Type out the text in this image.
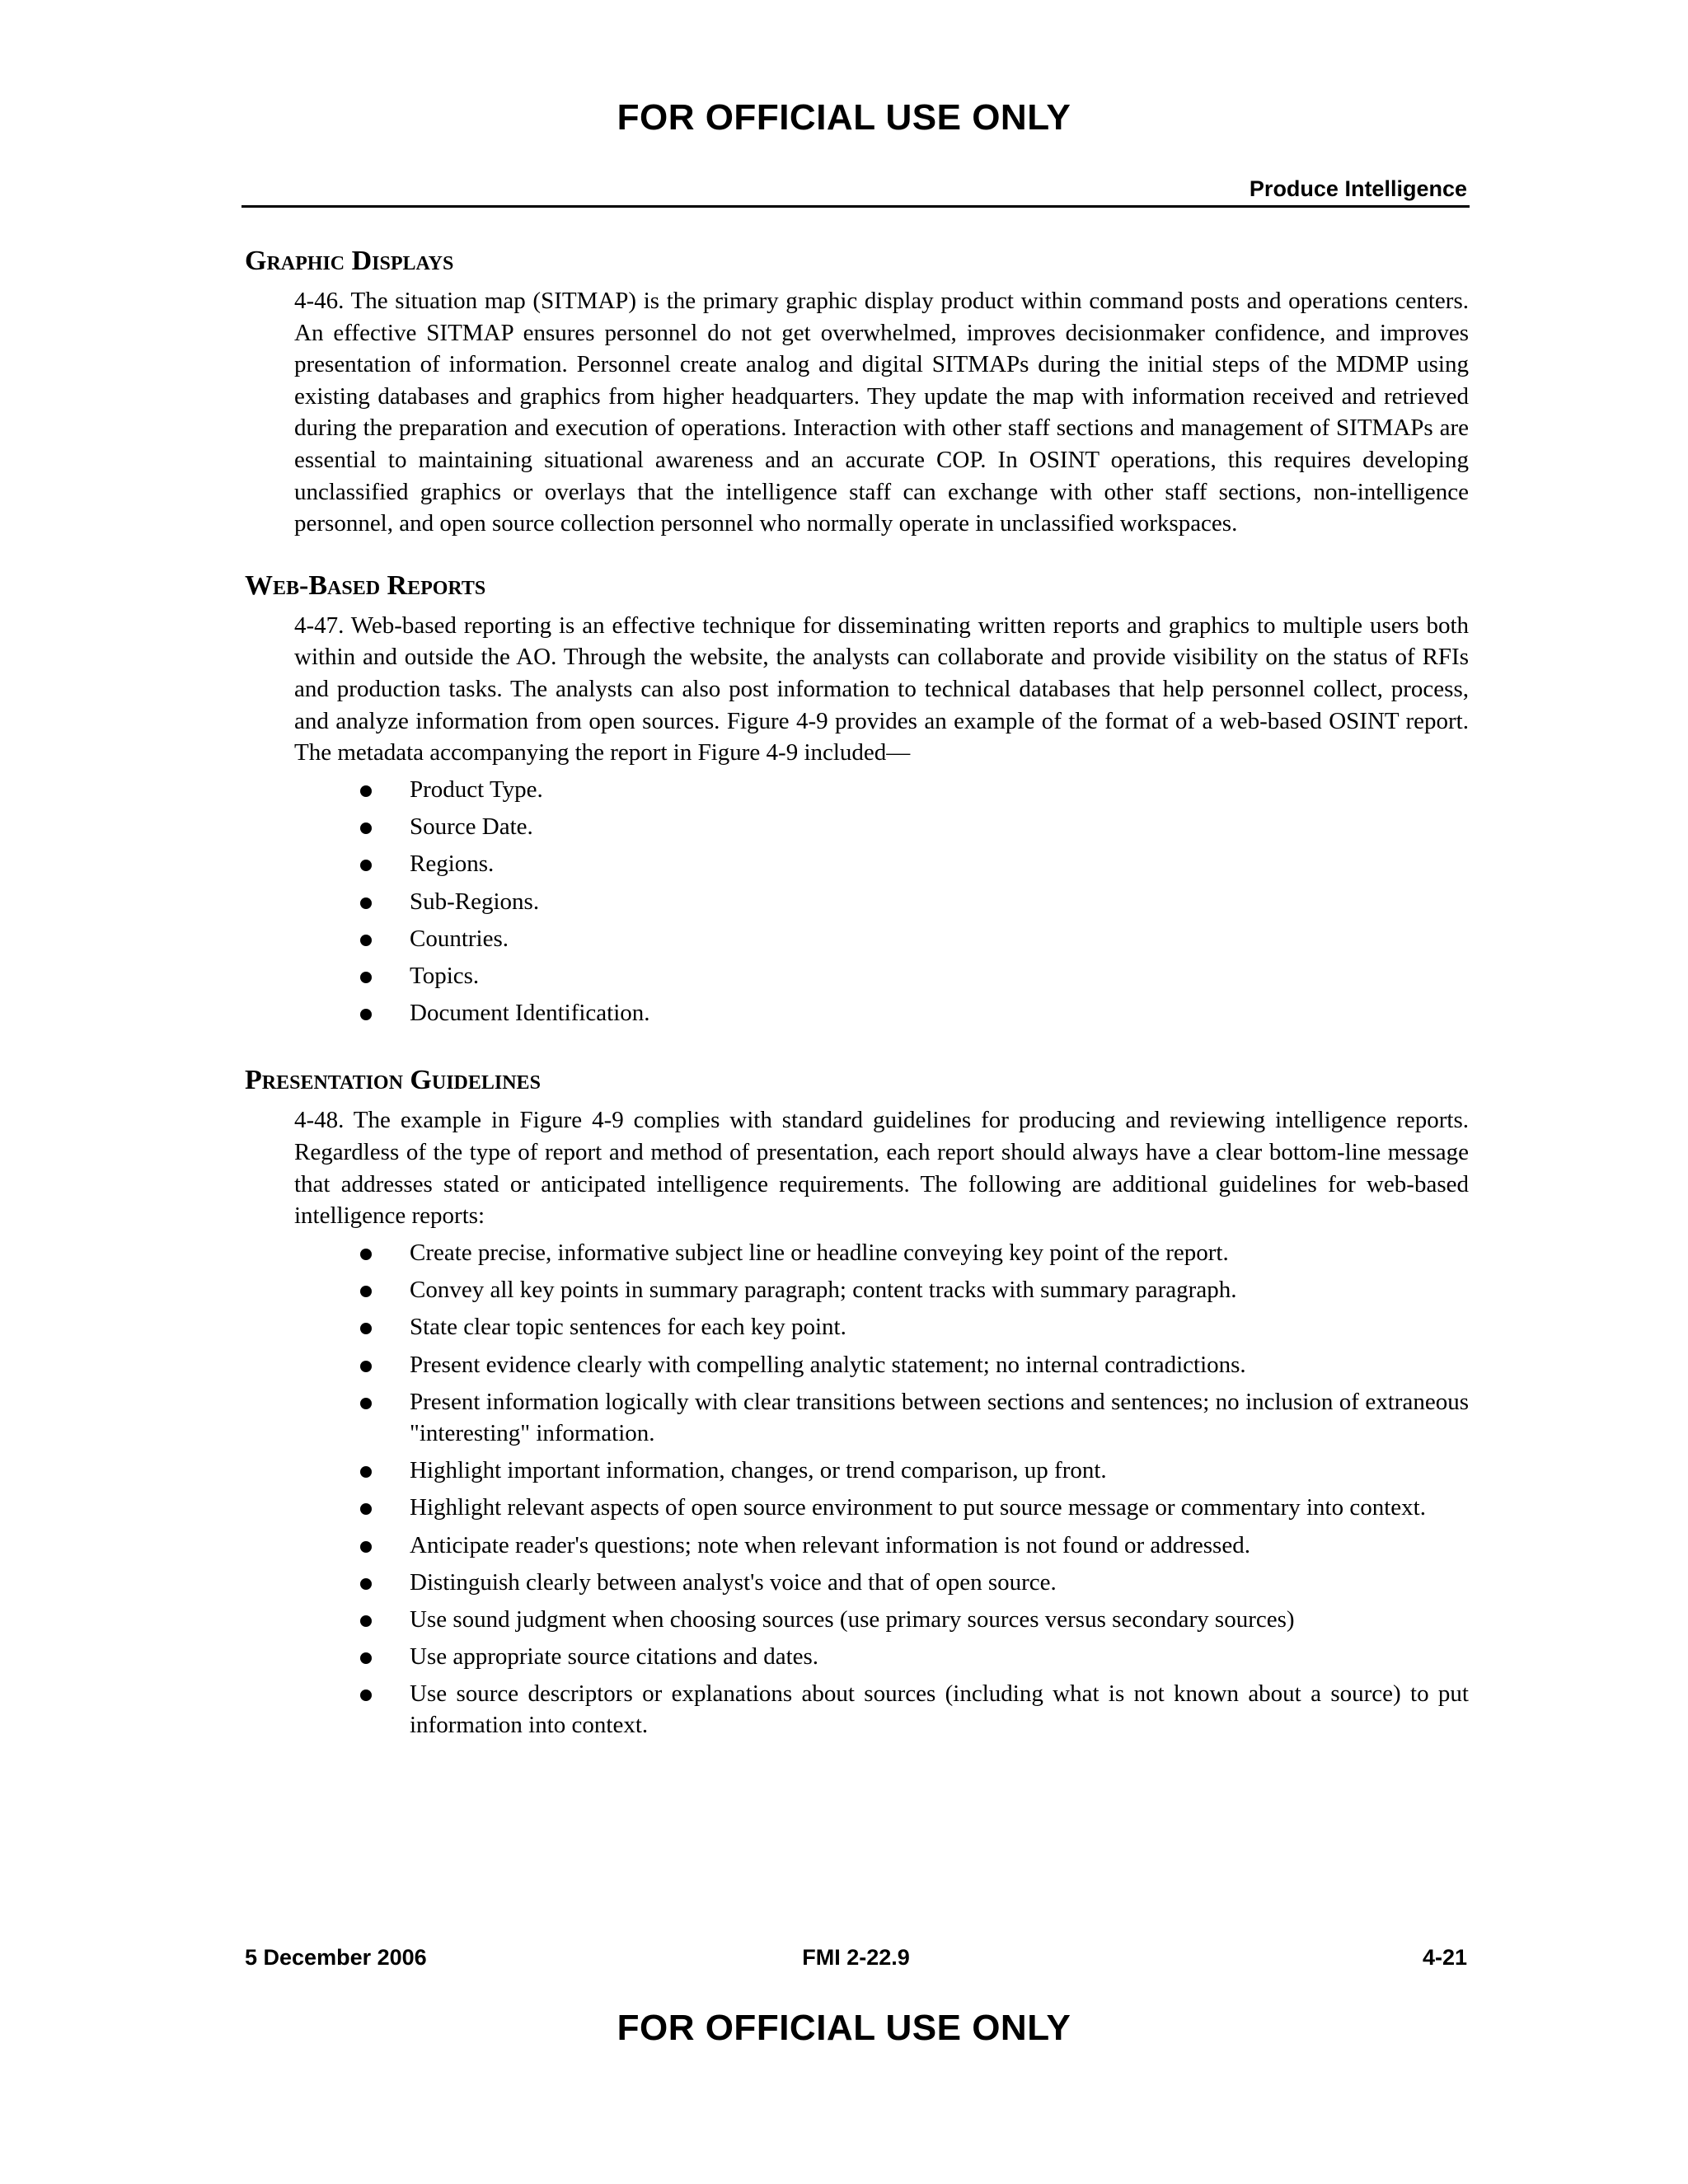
FOR OFFICIAL USE ONLY
Produce Intelligence
Graphic Displays

4-46. The situation map (SITMAP) is the primary graphic display product within command posts and operations centers. An effective SITMAP ensures personnel do not get overwhelmed, improves decisionmaker confidence, and improves presentation of information. Personnel create analog and digital SITMAPs during the initial steps of the MDMP using existing databases and graphics from higher headquarters. They update the map with information received and retrieved during the preparation and execution of operations. Interaction with other staff sections and management of SITMAPs are essential to maintaining situational awareness and an accurate COP. In OSINT operations, this requires developing unclassified graphics or overlays that the intelligence staff can exchange with other staff sections, non-intelligence personnel, and open source collection personnel who normally operate in unclassified workspaces.

Web-Based Reports

4-47. Web-based reporting is an effective technique for disseminating written reports and graphics to multiple users both within and outside the AO. Through the website, the analysts can collaborate and provide visibility on the status of RFIs and production tasks. The analysts can also post information to technical databases that help personnel collect, process, and analyze information from open sources. Figure 4-9 provides an example of the format of a web-based OSINT report. The metadata accompanying the report in Figure 4-9 included—

Product Type.
Source Date.
Regions.
Sub-Regions.
Countries.
Topics.
Document Identification.
Presentation Guidelines

4-48. The example in Figure 4-9 complies with standard guidelines for producing and reviewing intelligence reports. Regardless of the type of report and method of presentation, each report should always have a clear bottom-line message that addresses stated or anticipated intelligence requirements. The following are additional guidelines for web-based intelligence reports:

Create precise, informative subject line or headline conveying key point of the report.
Convey all key points in summary paragraph; content tracks with summary paragraph.
State clear topic sentences for each key point.
Present evidence clearly with compelling analytic statement; no internal contradictions.
Present information logically with clear transitions between sections and sentences; no inclusion of extraneous "interesting" information.
Highlight important information, changes, or trend comparison, up front.
Highlight relevant aspects of open source environment to put source message or commentary into context.
Anticipate reader's questions; note when relevant information is not found or addressed.
Distinguish clearly between analyst's voice and that of open source.
Use sound judgment when choosing sources (use primary sources versus secondary sources)
Use appropriate source citations and dates.
Use source descriptors or explanations about sources (including what is not known about a source) to put information into context.
5 December 2006	FMI 2-22.9	4-21
FOR OFFICIAL USE ONLY
